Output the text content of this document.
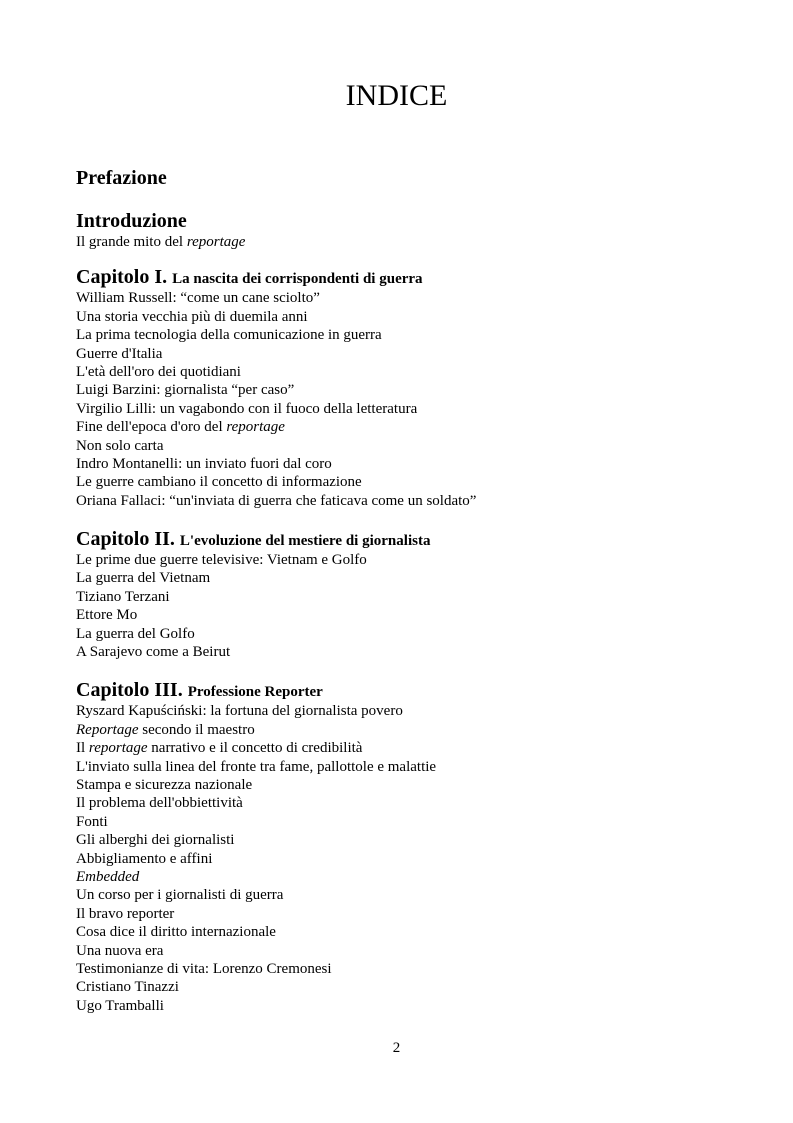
INDICE
Prefazione
Introduzione
Il grande mito del reportage
Capitolo I. La nascita dei corrispondenti di guerra
William Russell: “come un cane sciolto”
Una storia vecchia più di duemila anni
La prima tecnologia della comunicazione in guerra
Guerre d'Italia
L'età dell'oro dei quotidiani
Luigi Barzini: giornalista “per caso”
Virgilio Lilli: un vagabondo con il fuoco della letteratura
Fine dell'epoca d'oro del reportage
Non solo carta
Indro Montanelli: un inviato fuori dal coro
Le guerre cambiano il concetto di informazione
Oriana Fallaci: “un'inviata di guerra che faticava come un soldato”
Capitolo II. L'evoluzione del mestiere di giornalista
Le prime due guerre televisive: Vietnam e Golfo
La guerra del Vietnam
Tiziano Terzani
Ettore Mo
La guerra del Golfo
A Sarajevo come a Beirut
Capitolo III. Professione Reporter
Ryszard Kapuściński: la fortuna del giornalista povero
Reportage secondo il maestro
Il reportage narrativo e il concetto di credibilità
L'inviato sulla linea del fronte tra fame, pallottole e malattie
Stampa e sicurezza nazionale
Il problema dell'obbiettività
Fonti
Gli alberghi dei giornalisti
Abbigliamento e affini
Embedded
Un corso per i giornalisti di guerra
Il bravo reporter
Cosa dice il diritto internazionale
Una nuova era
Testimonianze di vita: Lorenzo Cremonesi
Cristiano Tinazzi
Ugo Tramballi
2
